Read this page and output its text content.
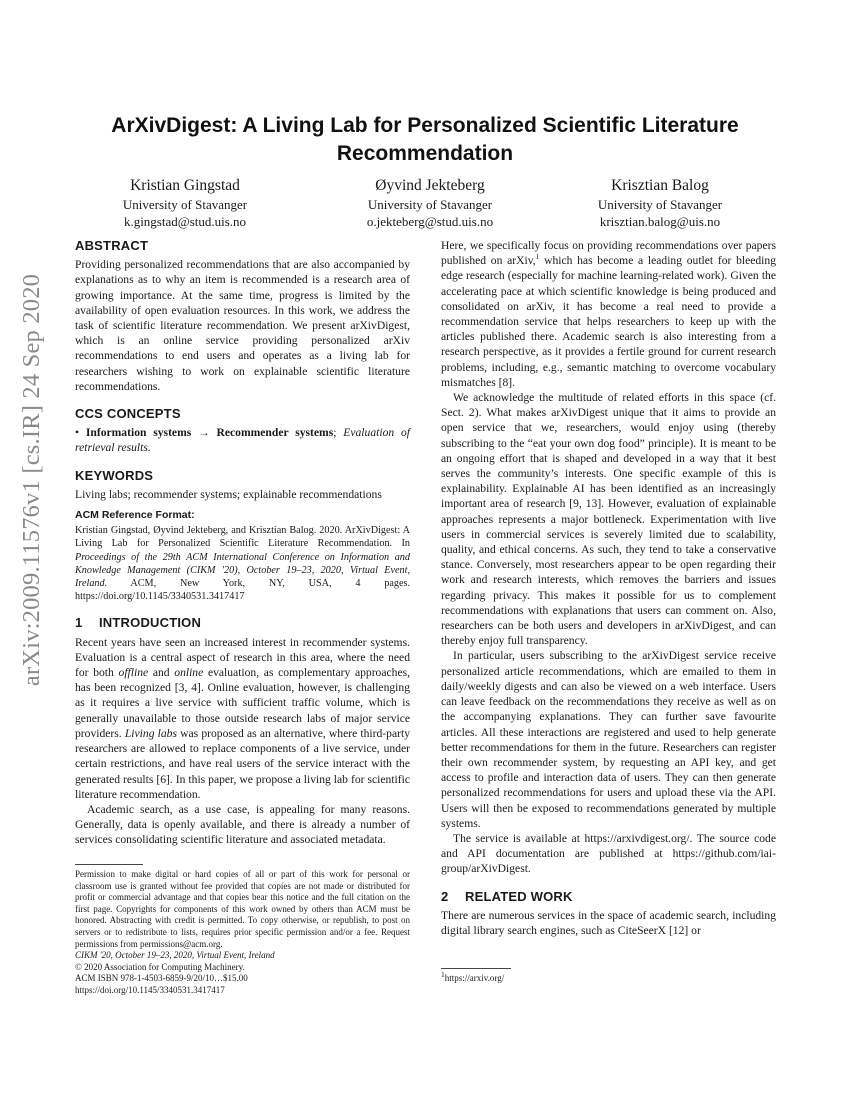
arXiv:2009.11576v1 [cs.IR] 24 Sep 2020
ArXivDigest: A Living Lab for Personalized Scientific Literature Recommendation
Kristian Gingstad
University of Stavanger
k.gingstad@stud.uis.no
Øyvind Jekteberg
University of Stavanger
o.jekteberg@stud.uis.no
Krisztian Balog
University of Stavanger
krisztian.balog@uis.no
ABSTRACT

Providing personalized recommendations that are also accompanied by explanations as to why an item is recommended is a research area of growing importance. At the same time, progress is limited by the availability of open evaluation resources. In this work, we address the task of scientific literature recommendation. We present arXivDigest, which is an online service providing personalized arXiv recommendations to end users and operates as a living lab for researchers wishing to work on explainable scientific literature recommendations.

CCS CONCEPTS

• Information systems → Recommender systems; Evaluation of retrieval results.

KEYWORDS

Living labs; recommender systems; explainable recommendations

ACM Reference Format:

Kristian Gingstad, Øyvind Jekteberg, and Krisztian Balog. 2020. ArXivDigest: A Living Lab for Personalized Scientific Literature Recommendation. In Proceedings of the 29th ACM International Conference on Information and Knowledge Management (CIKM '20), October 19–23, 2020, Virtual Event, Ireland. ACM, New York, NY, USA, 4 pages. https://doi.org/10.1145/3340531.3417417

1 INTRODUCTION

Recent years have seen an increased interest in recommender systems. Evaluation is a central aspect of research in this area, where the need for both offline and online evaluation, as complementary approaches, has been recognized [3, 4]. Online evaluation, however, is challenging as it requires a live service with sufficient traffic volume, which is generally unavailable to those outside research labs of major service providers. Living labs was proposed as an alternative, where third-party researchers are allowed to replace components of a live service, under certain restrictions, and have real users of the service interact with the generated results [6]. In this paper, we propose a living lab for scientific literature recommendation.

Academic search, as a use case, is appealing for many reasons. Generally, data is openly available, and there is already a number of services consolidating scientific literature and associated metadata.

Permission to make digital or hard copies of all or part of this work for personal or classroom use is granted without fee provided that copies are not made or distributed for profit or commercial advantage and that copies bear this notice and the full citation on the first page. Copyrights for components of this work owned by others than ACM must be honored. Abstracting with credit is permitted. To copy otherwise, or republish, to post on servers or to redistribute to lists, requires prior specific permission and/or a fee. Request permissions from permissions@acm.org.

CIKM '20, October 19–23, 2020, Virtual Event, Ireland
© 2020 Association for Computing Machinery.
ACM ISBN 978-1-4503-6859-9/20/10…$15.00
https://doi.org/10.1145/3340531.3417417

Here, we specifically focus on providing recommendations over papers published on arXiv,$^1$ which has become a leading outlet for bleeding edge research (especially for machine learning-related work). Given the accelerating pace at which scientific knowledge is being produced and consolidated on arXiv, it has become a real need to provide a recommendation service that helps researchers to keep up with the articles published there. Academic search is also interesting from a research perspective, as it provides a fertile ground for current research problems, including, e.g., semantic matching to overcome vocabulary mismatches [8].

We acknowledge the multitude of related efforts in this space (cf. Sect. 2). What makes arXivDigest unique that it aims to provide an open service that we, researchers, would enjoy using (thereby subscribing to the “eat your own dog food” principle). It is meant to be an ongoing effort that is shaped and developed in a way that it best serves the community’s interests. One specific example of this is explainability. Explainable AI has been identified as an increasingly important area of research [9, 13]. However, evaluation of explainable approaches represents a major bottleneck. Experimentation with live users in commercial services is severely limited due to scalability, quality, and ethical concerns. As such, they tend to take a conservative stance. Conversely, most researchers appear to be open regarding their work and research interests, which removes the barriers and issues regarding privacy. This makes it possible for us to complement recommendations with explanations that users can comment on. Also, researchers can be both users and developers in arXivDigest, and can thereby enjoy full transparency.

In particular, users subscribing to the arXivDigest service receive personalized article recommendations, which are emailed to them in daily/weekly digests and can also be viewed on a web interface. Users can leave feedback on the recommendations they receive as well as on the accompanying explanations. They can further save favourite articles. All these interactions are registered and used to help generate better recommendations for them in the future. Researchers can register their own recommender system, by requesting an API key, and get access to profile and interaction data of users. They can then generate personalized recommendations for users and upload these via the API. Users will then be exposed to recommendations generated by multiple systems.

The service is available at https://arxivdigest.org/. The source code and API documentation are published at https://github.com/iai-group/arXivDigest.

2 RELATED WORK

There are numerous services in the space of academic search, including digital library search engines, such as CiteSeerX [12] or

$^1$https://arxiv.org/
